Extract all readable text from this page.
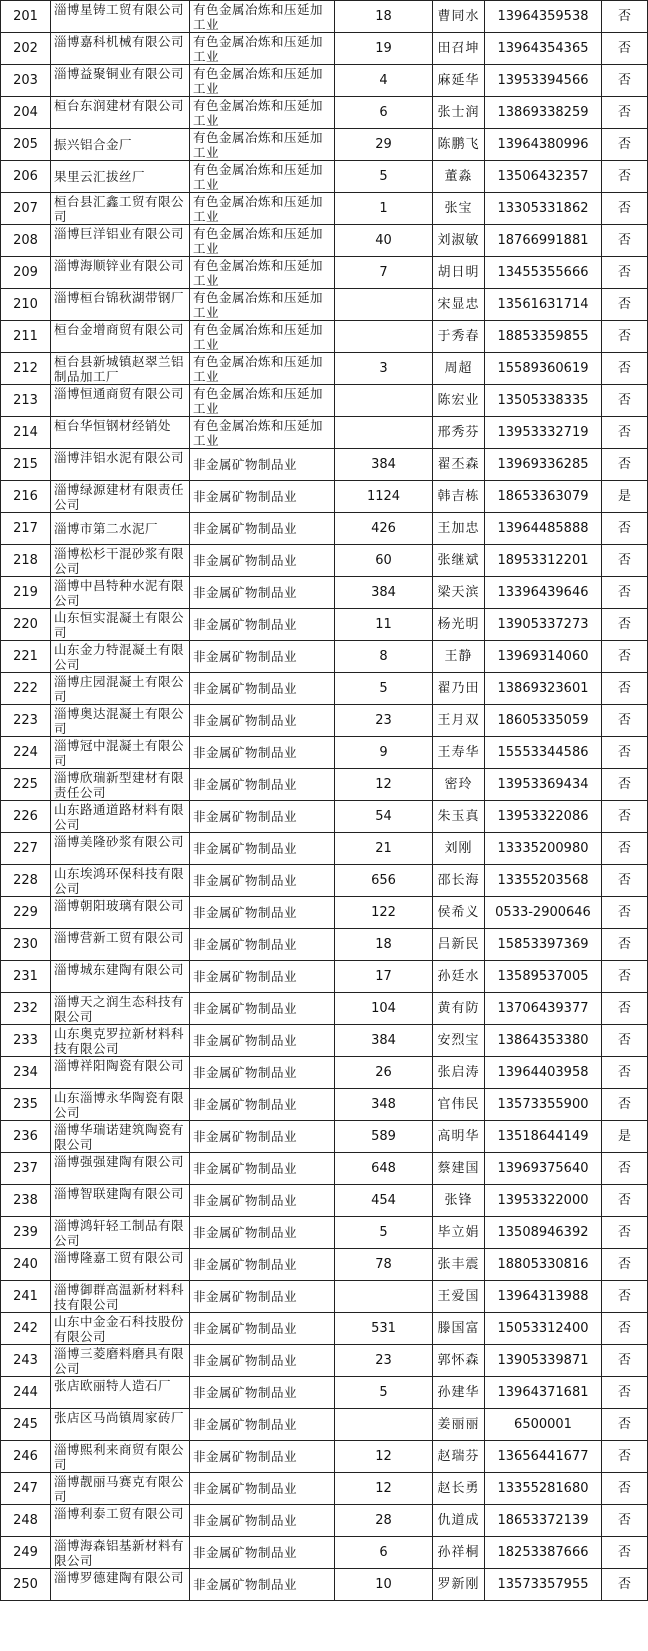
201	淄博星铸工贸有限公司	有色金属冶炼和压延加工业	18	曹同水	13964359538	否
202	淄博嘉科机械有限公司	有色金属冶炼和压延加工业	19	田召坤	13964354365	否
203	淄博益聚铜业有限公司	有色金属冶炼和压延加工业	4	麻延华	13953394566	否
204	桓台东润建材有限公司	有色金属冶炼和压延加工业	6	张士润	13869338259	否
205	振兴铝合金厂	有色金属冶炼和压延加工业	29	陈鹏飞	13964380996	否
206	果里云汇拔丝厂	有色金属冶炼和压延加工业	5	董淼	13506432357	否
207	桓台县汇鑫工贸有限公司	有色金属冶炼和压延加工业	1	张宝	13305331862	否
208	淄博巨洋铝业有限公司	有色金属冶炼和压延加工业	40	刘淑敏	18766991881	否
209	淄博海顺锌业有限公司	有色金属冶炼和压延加工业	7	胡日明	13455355666	否
210	淄博桓台锦秋湖带钢厂	有色金属冶炼和压延加工业		宋显忠	13561631714	否
211	桓台金增商贸有限公司	有色金属冶炼和压延加工业		于秀春	18853359855	否
212	桓台县新城镇赵翠兰铝制品加工厂	有色金属冶炼和压延加工业	3	周超	15589360619	否
213	淄博恒通商贸有限公司	有色金属冶炼和压延加工业		陈宏业	13505338335	否
214	桓台华恒钢材经销处	有色金属冶炼和压延加工业		邢秀芬	13953332719	否
215	淄博沣铝水泥有限公司	非金属矿物制品业	384	翟丕森	13969336285	否
216	淄博绿源建材有限责任公司	非金属矿物制品业	1124	韩吉栋	18653363079	是
217	淄博市第二水泥厂	非金属矿物制品业	426	王加忠	13964485888	否
218	淄博松杉干混砂浆有限公司	非金属矿物制品业	60	张继斌	18953312201	否
219	淄博中昌特种水泥有限公司	非金属矿物制品业	384	梁天滨	13396439646	否
220	山东恒实混凝土有限公司	非金属矿物制品业	11	杨光明	13905337273	否
221	山东金力特混凝土有限公司	非金属矿物制品业	8	王静	13969314060	否
222	淄博庄园混凝土有限公司	非金属矿物制品业	5	翟乃田	13869323601	否
223	淄博奥达混凝土有限公司	非金属矿物制品业	23	王月双	18605335059	否
224	淄博冠中混凝土有限公司	非金属矿物制品业	9	王寿华	15553344586	否
225	淄博欣瑞新型建材有限责任公司	非金属矿物制品业	12	密玲	13953369434	否
226	山东路通道路材料有限公司	非金属矿物制品业	54	朱玉真	13953322086	否
227	淄博美隆砂浆有限公司	非金属矿物制品业	21	刘刚	13335200980	否
228	山东埃鸿环保科技有限公司	非金属矿物制品业	656	邵长海	13355203568	否
229	淄博朝阳玻璃有限公司	非金属矿物制品业	122	侯希义	0533-2900646	否
230	淄博营新工贸有限公司	非金属矿物制品业	18	吕新民	15853397369	否
231	淄博城东建陶有限公司	非金属矿物制品业	17	孙廷水	13589537005	否
232	淄博天之润生态科技有限公司	非金属矿物制品业	104	黄有防	13706439377	否
233	山东奥克罗拉新材料科技有限公司	非金属矿物制品业	384	安烈宝	13864353380	否
234	淄博祥阳陶瓷有限公司	非金属矿物制品业	26	张启涛	13964403958	否
235	山东淄博永华陶瓷有限公司	非金属矿物制品业	348	官伟民	13573355900	否
236	淄博华瑞诺建筑陶瓷有限公司	非金属矿物制品业	589	高明华	13518644149	是
237	淄博强强建陶有限公司	非金属矿物制品业	648	蔡建国	13969375640	否
238	淄博智联建陶有限公司	非金属矿物制品业	454	张锋	13953322000	否
239	淄博鸿轩轻工制品有限公司	非金属矿物制品业	5	毕立娟	13508946392	否
240	淄博隆嘉工贸有限公司	非金属矿物制品业	78	张丰震	18805330816	否
241	淄博御群高温新材料科技有限公司	非金属矿物制品业		王爱国	13964313988	否
242	山东中金金石科技股份有限公司	非金属矿物制品业	531	滕国富	15053312400	否
243	淄博三菱磨料磨具有限公司	非金属矿物制品业	23	郭怀森	13905339871	否
244	张店欧丽特人造石厂	非金属矿物制品业	5	孙建华	13964371681	否
245	张店区马尚镇周家砖厂	非金属矿物制品业		姜丽丽	6500001	否
246	淄博熙利来商贸有限公司	非金属矿物制品业	12	赵瑞芬	13656441677	否
247	淄博靓丽马赛克有限公司	非金属矿物制品业	12	赵长勇	13355281680	否
248	淄博利泰工贸有限公司	非金属矿物制品业	28	仇道成	18653372139	否
249	淄博海森铝基新材料有限公司	非金属矿物制品业	6	孙祥桐	18253387666	否
250	淄博罗德建陶有限公司	非金属矿物制品业	10	罗新刚	13573357955	否
